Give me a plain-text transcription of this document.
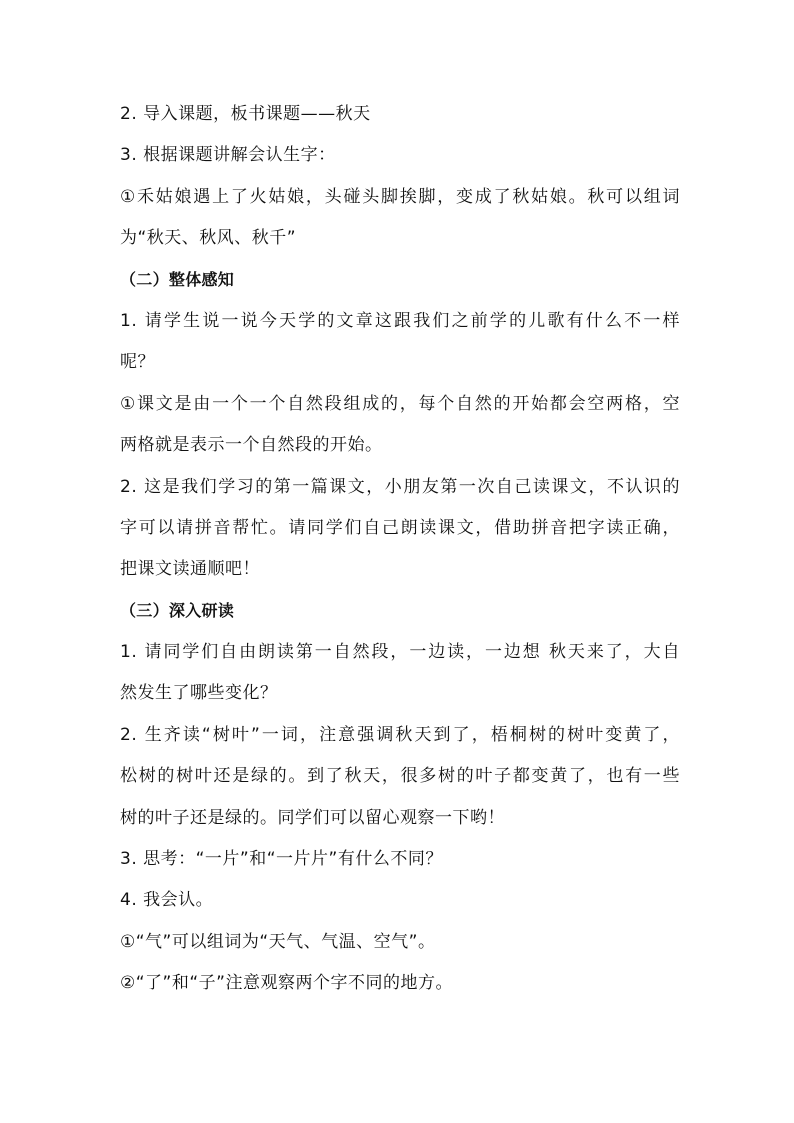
2. 导入课题，板书课题——秋天
3. 根据课题讲解会认生字：
①禾姑娘遇上了火姑娘，头碰头脚挨脚，变成了秋姑娘。秋可以组词
为“秋天、秋风、秋千”
（二）整体感知
1. 请学生说一说今天学的文章这跟我们之前学的儿歌有什么不一样
呢？
①课文是由一个一个自然段组成的，每个自然的开始都会空两格，空
两格就是表示一个自然段的开始。
2. 这是我们学习的第一篇课文，小朋友第一次自己读课文，不认识的
字可以请拼音帮忙。请同学们自己朗读课文，借助拼音把字读正确，
把课文读通顺吧！
（三）深入研读
1. 请同学们自由朗读第一自然段，一边读，一边想 秋天来了，大自
然发生了哪些变化？
2. 生齐读“树叶”一词，注意强调秋天到了，梧桐树的树叶变黄了，
松树的树叶还是绿的。到了秋天，很多树的叶子都变黄了，也有一些
树的叶子还是绿的。同学们可以留心观察一下哟！
3. 思考：“一片”和“一片片”有什么不同？
4. 我会认。
①“气”可以组词为“天气、气温、空气”。
②“了”和“子”注意观察两个字不同的地方。
